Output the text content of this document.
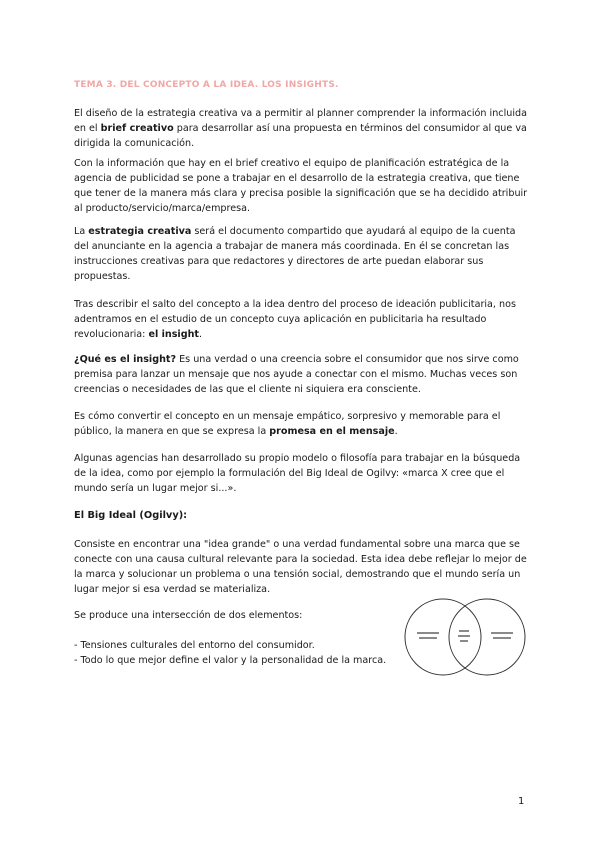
TEMA 3. DEL CONCEPTO A LA IDEA. LOS INSIGHTS.

El diseño de la estrategia creativa va a permitir al planner comprender la información incluida en el brief creativo para desarrollar así una propuesta en términos del consumidor al que va dirigida la comunicación.

Con la información que hay en el brief creativo el equipo de planificación estratégica de la agencia de publicidad se pone a trabajar en el desarrollo de la estrategia creativa, que tiene que tener de la manera más clara y precisa posible la significación que se ha decidido atribuir al producto/servicio/marca/empresa.

La estrategia creativa será el documento compartido que ayudará al equipo de la cuenta del anunciante en la agencia a trabajar de manera más coordinada. En él se concretan las instrucciones creativas para que redactores y directores de arte puedan elaborar sus propuestas.

Tras describir el salto del concepto a la idea dentro del proceso de ideación publicitaria, nos adentramos en el estudio de un concepto cuya aplicación en publicitaria ha resultado revolucionaria: el insight.

¿Qué es el insight? Es una verdad o una creencia sobre el consumidor que nos sirve como premisa para lanzar un mensaje que nos ayude a conectar con el mismo. Muchas veces son creencias o necesidades de las que el cliente ni siquiera era consciente.

Es cómo convertir el concepto en un mensaje empático, sorpresivo y memorable para el público, la manera en que se expresa la promesa en el mensaje.

Algunas agencias han desarrollado su propio modelo o filosofía para trabajar en la búsqueda de la idea, como por ejemplo la formulación del Big Ideal de Ogilvy: «marca X cree que el mundo sería un lugar mejor si...».

El Big Ideal (Ogilvy):

Consiste en encontrar una "idea grande" o una verdad fundamental sobre una marca que se conecte con una causa cultural relevante para la sociedad. Esta idea debe reflejar lo mejor de la marca y solucionar un problema o una tensión social, demostrando que el mundo sería un lugar mejor si esa verdad se materializa.

Se produce una intersección de dos elementos:

- Tensiones culturales del entorno del consumidor.
- Todo lo que mejor define el valor y la personalidad de la marca.
1
